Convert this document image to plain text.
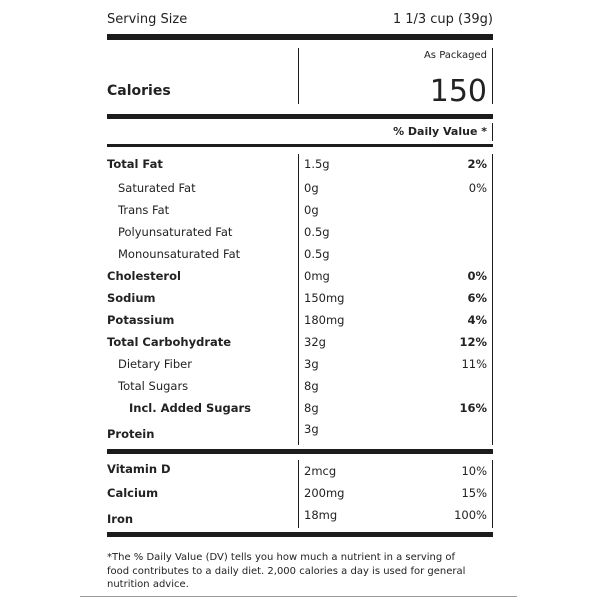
Serving Size	1 1/3 cup (39g)
As Packaged
Calories	150
% Daily Value *
Total Fat	1.5g	2%
Saturated Fat	0g	0%
Trans Fat	0g
Polyunsaturated Fat	0.5g
Monounsaturated Fat	0.5g
Cholesterol	0mg	0%
Sodium	150mg	6%
Potassium	180mg	4%
Total Carbohydrate	32g	12%
Dietary Fiber	3g	11%
Total Sugars	8g
Incl. Added Sugars	8g	16%
Protein	3g
Vitamin D	2mcg	10%
Calcium	200mg	15%
Iron	18mg	100%
*The % Daily Value (DV) tells you how much a nutrient in a serving of
food contributes to a daily diet. 2,000 calories a day is used for general
nutrition advice.
